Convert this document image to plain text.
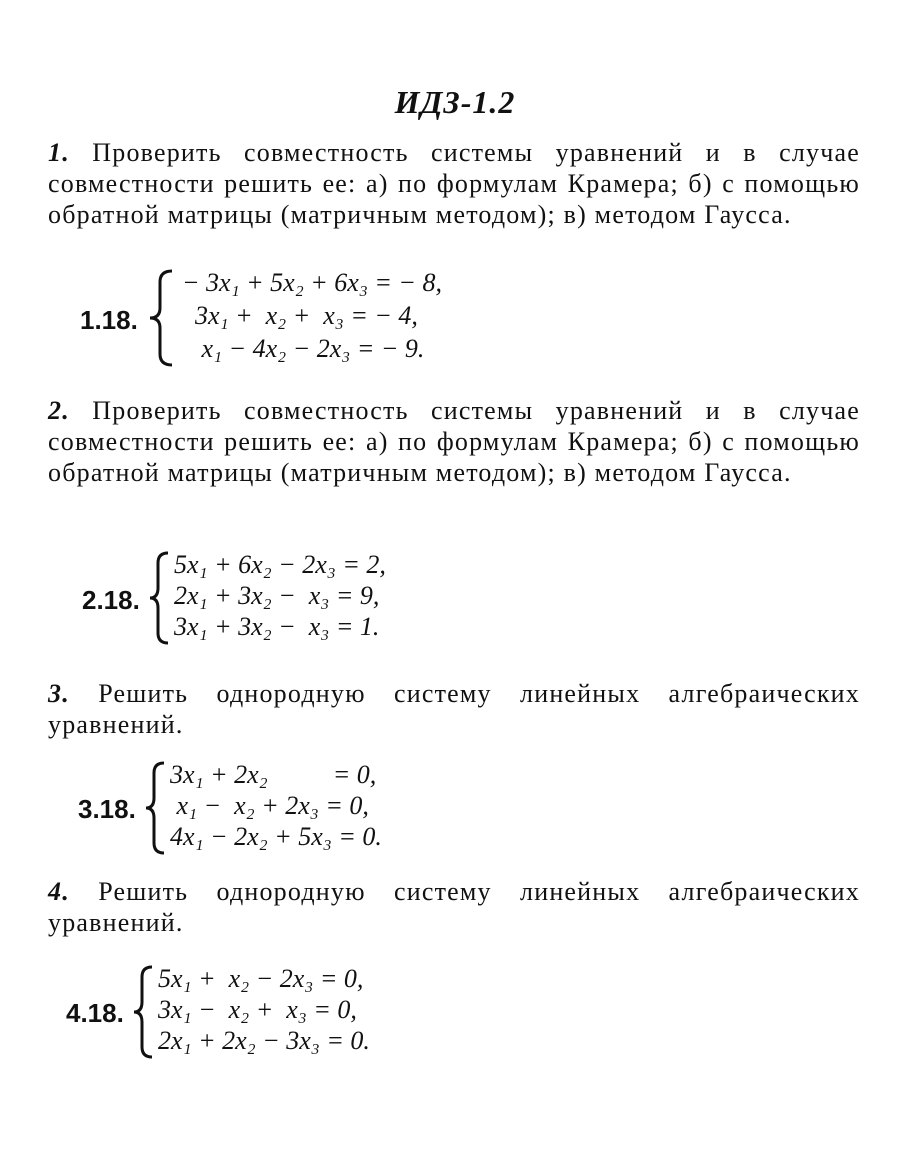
ИДЗ-1.2
1. Проверить совместность системы уравнений и в случае совместности решить ее: а) по формулам Крамера; б) с помощью обратной матрицы (матричным методом); в) методом Гаусса.
1.18.
− 3x₁ + 5x₂ + 6x₃ = − 8,
3x₁ +  x₂ +  x₃ = − 4,
x₁ − 4x₂ − 2x₃ = − 9.
2. Проверить совместность системы уравнений и в случае совместности решить ее: а) по формулам Крамера; б) с помощью обратной матрицы (матричным методом); в) методом Гаусса.
2.18.
5x₁ + 6x₂ − 2x₃ = 2,
2x₁ + 3x₂ −  x₃ = 9,
3x₁ + 3x₂ −  x₃ = 1.
3. Решить однородную систему линейных алгебраических уравнений.
3.18.
3x₁ + 2x₂          = 0,
x₁ −  x₂ + 2x₃ = 0,
4x₁ − 2x₂ + 5x₃ = 0.
4. Решить однородную систему линейных алгебраических уравнений.
4.18.
5x₁ +  x₂ − 2x₃ = 0,
3x₁ −  x₂ +  x₃ = 0,
2x₁ + 2x₂ − 3x₃ = 0.
